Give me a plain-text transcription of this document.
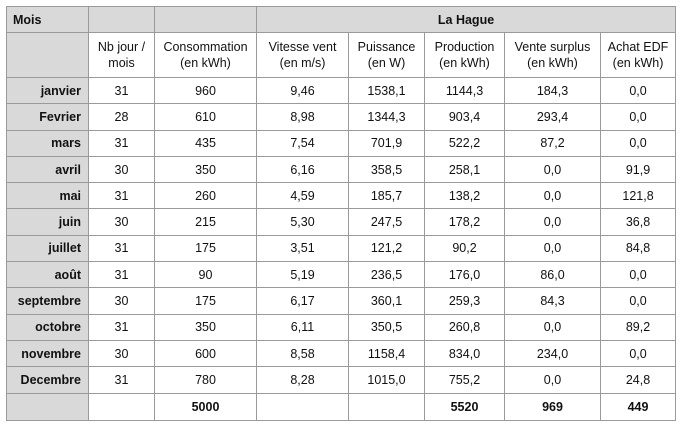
Mois			La Hague				
	Nb jour / mois	Consommation (en kWh)	Vitesse vent (en m/s)	Puissance (en W)	Production (en kWh)	Vente surplus (en kWh)	Achat EDF (en kWh)
janvier	31	960	9,46	1538,1	1144,3	184,3	0,0
Fevrier	28	610	8,98	1344,3	903,4	293,4	0,0
mars	31	435	7,54	701,9	522,2	87,2	0,0
avril	30	350	6,16	358,5	258,1	0,0	91,9
mai	31	260	4,59	185,7	138,2	0,0	121,8
juin	30	215	5,30	247,5	178,2	0,0	36,8
juillet	31	175	3,51	121,2	90,2	0,0	84,8
août	31	90	5,19	236,5	176,0	86,0	0,0
septembre	30	175	6,17	360,1	259,3	84,3	0,0
octobre	31	350	6,11	350,5	260,8	0,0	89,2
novembre	30	600	8,58	1158,4	834,0	234,0	0,0
Decembre	31	780	8,28	1015,0	755,2	0,0	24,8
		5000			5520	969	449
